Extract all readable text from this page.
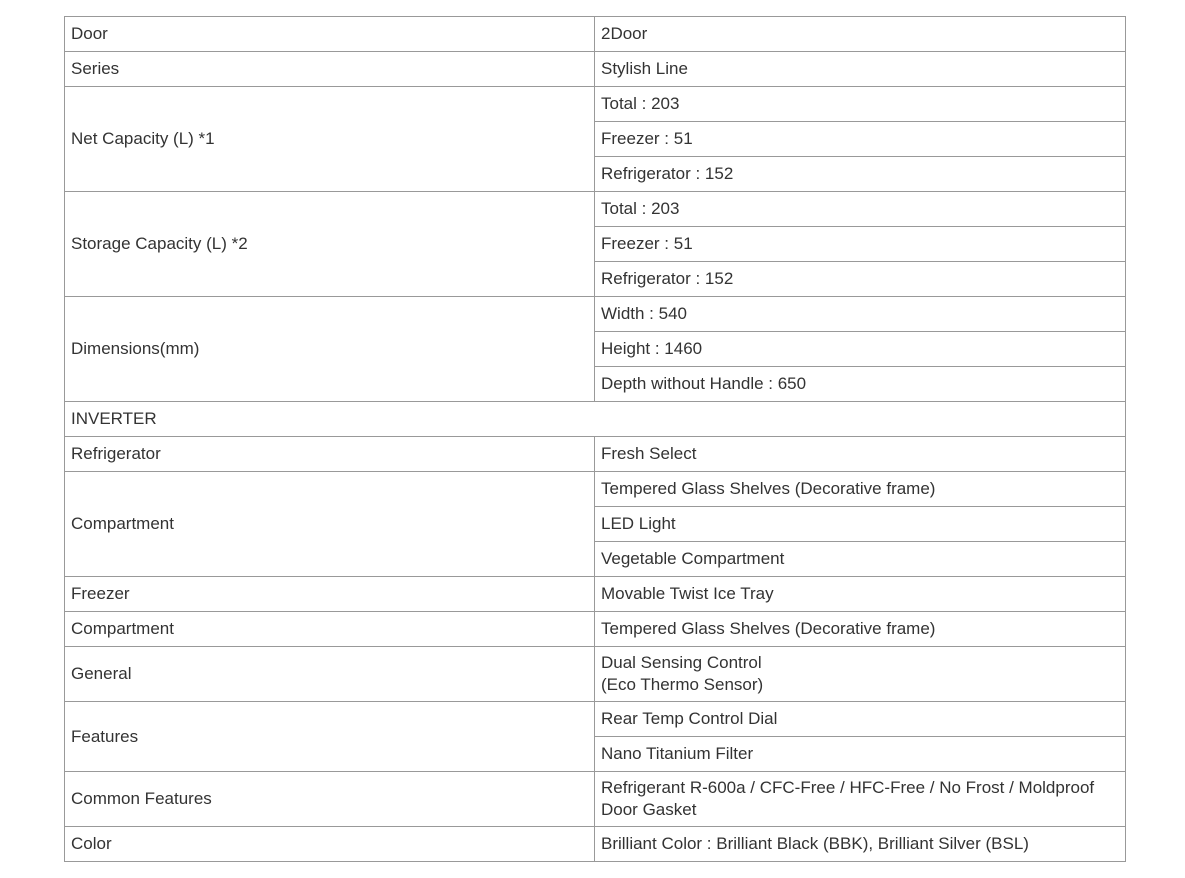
Door	2Door
Series	Stylish Line
Net Capacity (L) *1	Total : 203
	Freezer : 51
	Refrigerator : 152
Storage Capacity (L) *2	Total : 203
	Freezer : 51
	Refrigerator : 152
Dimensions(mm)	Width : 540
	Height : 1460
	Depth without Handle : 650
INVERTER	
Refrigerator	Fresh Select
Compartment	Tempered Glass Shelves (Decorative frame)
	LED Light
	Vegetable Compartment
Freezer	Movable Twist Ice Tray
Compartment	Tempered Glass Shelves (Decorative frame)
General	Dual Sensing Control
(Eco Thermo Sensor)
Features	Rear Temp Control Dial
	Nano Titanium Filter
Common Features	Refrigerant R-600a / CFC-Free / HFC-Free / No Frost / Moldproof Door Gasket
Color	Brilliant Color : Brilliant Black (BBK), Brilliant Silver (BSL)
